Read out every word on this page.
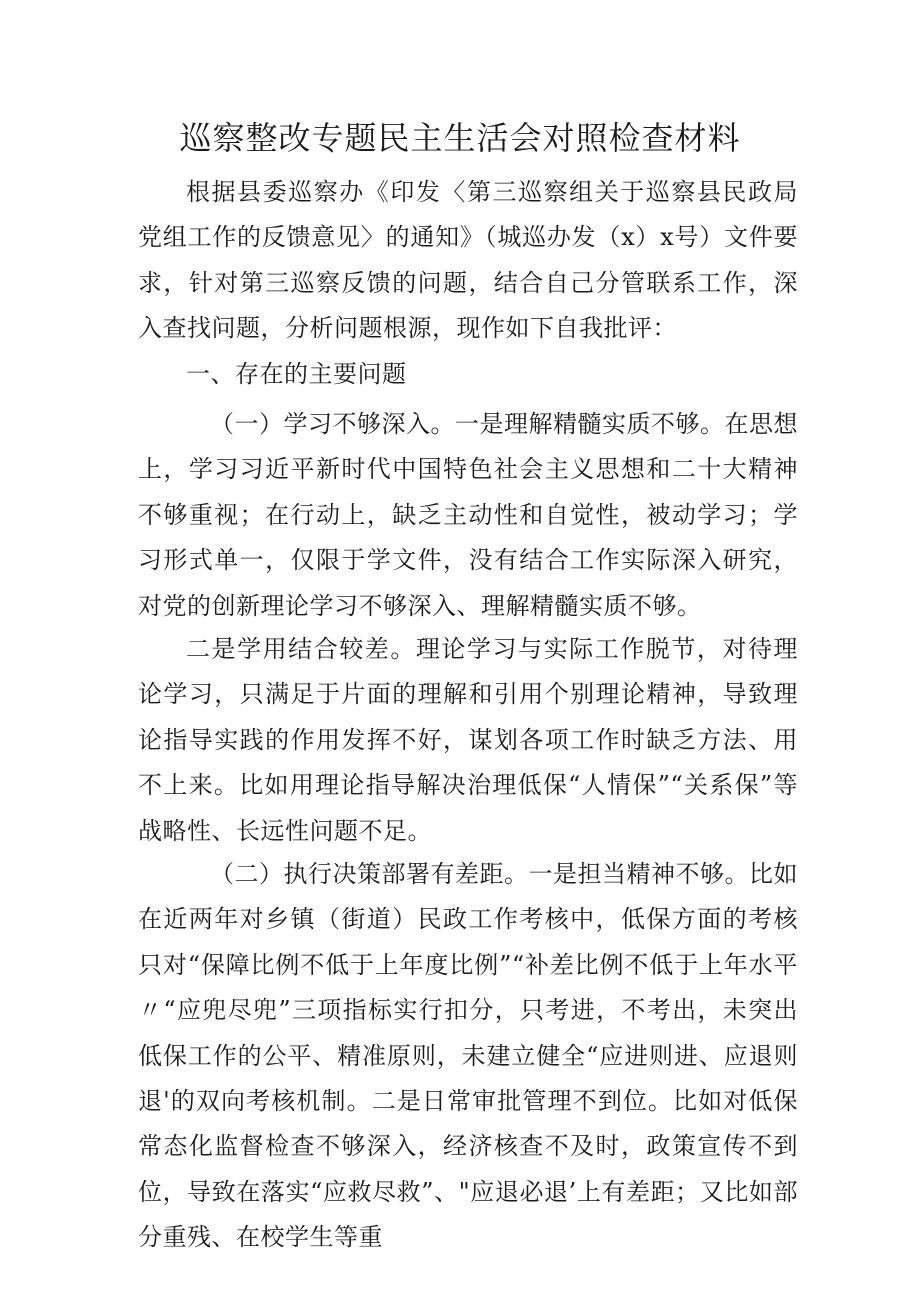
巡察整改专题民主生活会对照检查材料

根据县委巡察办《印发〈第三巡察组关于巡察县民政局党组工作的反馈意见〉的通知》（城巡办发（x）x号）文件要求，针对第三巡察反馈的问题，结合自己分管联系工作，深入查找问题，分析问题根源，现作如下自我批评：

一、存在的主要问题

（一）学习不够深入。一是理解精髓实质不够。在思想上，学习习近平新时代中国特色社会主义思想和二十大精神不够重视；在行动上，缺乏主动性和自觉性，被动学习；学习形式单一，仅限于学文件，没有结合工作实际深入研究，对党的创新理论学习不够深入、理解精髓实质不够。

二是学用结合较差。理论学习与实际工作脱节，对待理论学习，只满足于片面的理解和引用个别理论精神，导致理论指导实践的作用发挥不好，谋划各项工作时缺乏方法、用不上来。比如用理论指导解决治理低保“人情保”“关系保”等战略性、长远性问题不足。

（二）执行决策部署有差距。一是担当精神不够。比如在近两年对乡镇（街道）民政工作考核中，低保方面的考核只对“保障比例不低于上年度比例”“补差比例不低于上年水平〃“应兜尽兜”三项指标实行扣分，只考进，不考出，未突出低保工作的公平、精准原则，未建立健全“应进则进、应退则退'的双向考核机制。二是日常审批管理不到位。比如对低保常态化监督检查不够深入，经济核查不及时，政策宣传不到位，导致在落实“应救尽救”、"应退必退’上有差距；又比如部分重残、在校学生等重
